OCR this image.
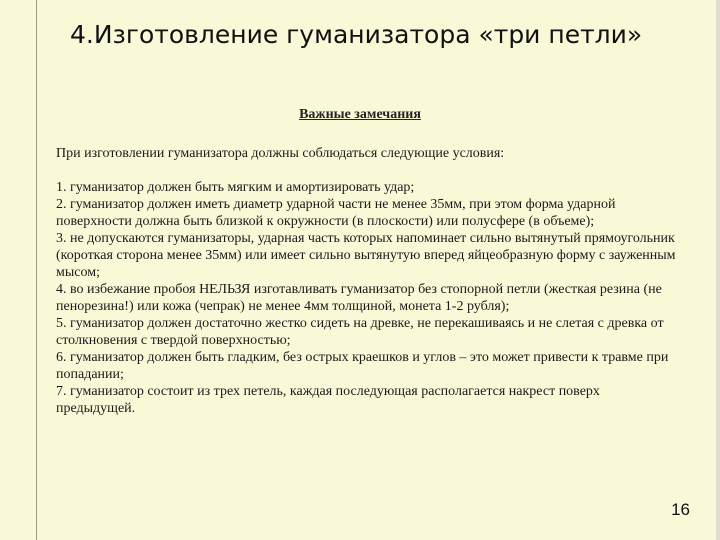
4.Изготовление гуманизатора «три петли»
Важные замечания

При изготовлении гуманизатора должны соблюдаться следующие условия:

1. гуманизатор должен быть мягким и амортизировать удар;

2. гуманизатор должен иметь диаметр ударной части не менее 35мм, при этом форма ударной поверхности должна быть близкой к окружности (в плоскости) или полусфере (в объеме);

3. не допускаются гуманизаторы, ударная часть которых напоминает сильно вытянутый прямоугольник (короткая сторона менее 35мм) или имеет сильно вытянутую вперед яйцеобразную форму с зауженным мысом;

4. во избежание пробоя НЕЛЬЗЯ изготавливать гуманизатор без стопорной петли (жесткая резина (не пенорезина!) или кожа (чепрак) не менее 4мм толщиной, монета 1-2 рубля);

5. гуманизатор должен достаточно жестко сидеть на древке, не перекашиваясь и не слетая с древка от столкновения с твердой поверхностью;

6. гуманизатор должен быть гладким, без острых краешков и углов – это может привести к травме при попадании;

7. гуманизатор состоит из трех петель, каждая последующая располагается накрест поверх предыдущей.

16
